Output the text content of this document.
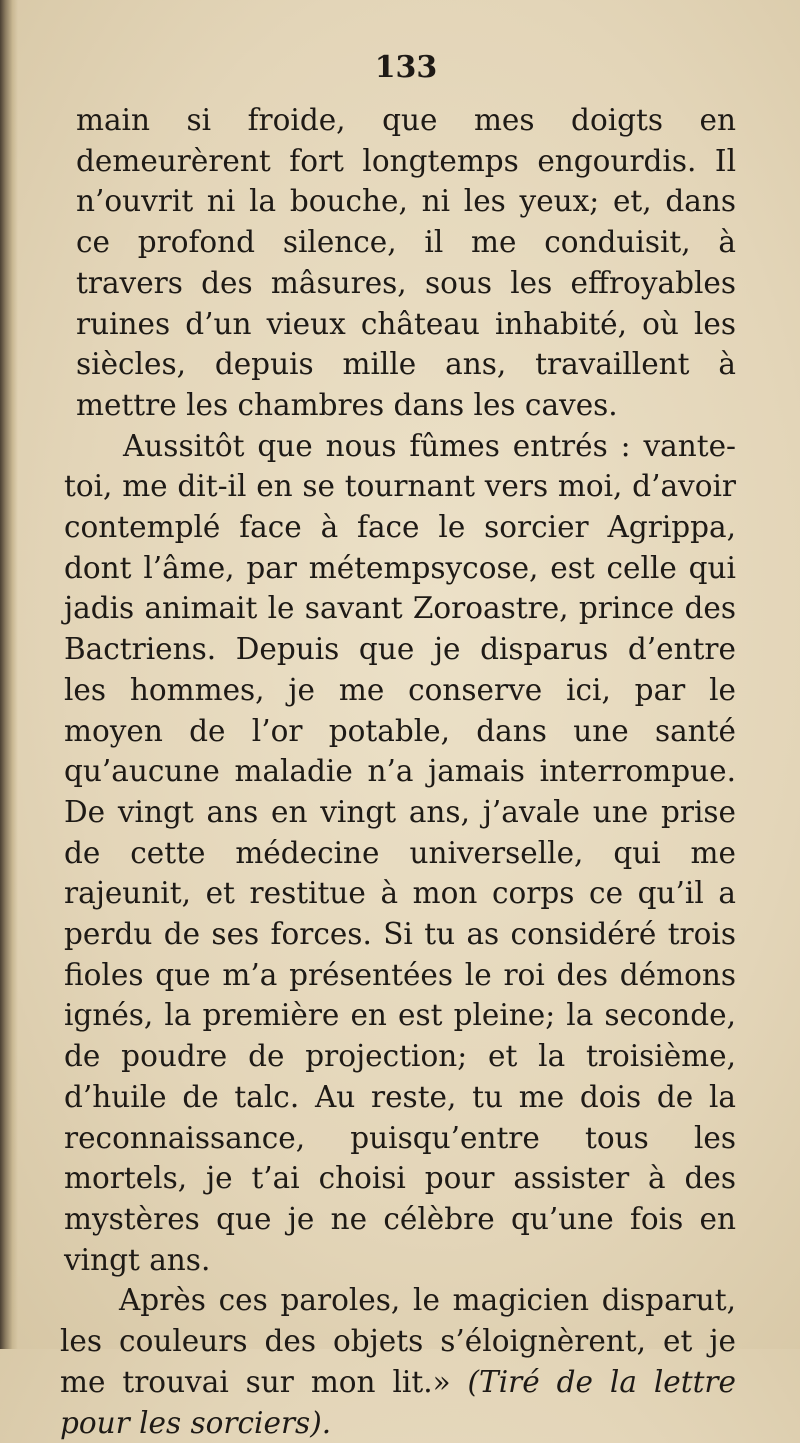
133

main si froide, que mes doigts en demeurèrent fort longtemps engourdis. Il n’ouvrit ni la bouche, ni les yeux; et, dans ce profond silence, il me conduisit, à travers des mâsures, sous les effroyables ruines d’un vieux château inhabité, où les siècles, depuis mille ans, travaillent à mettre les chambres dans les caves.

Aussitôt que nous fûmes entrés : vante-toi, me dit-il en se tournant vers moi, d’avoir contemplé face à face le sorcier Agrippa, dont l’âme, par métempsycose, est celle qui jadis animait le savant Zoroastre, prince des Bactriens. Depuis que je disparus d’entre les hommes, je me conserve ici, par le moyen de l’or potable, dans une santé qu’aucune maladie n’a jamais interrompue. De vingt ans en vingt ans, j’avale une prise de cette médecine universelle, qui me rajeunit, et restitue à mon corps ce qu’il a perdu de ses forces. Si tu as considéré trois fioles que m’a présentées le roi des démons ignés, la première en est pleine; la seconde, de poudre de projection; et la troisième, d’huile de talc. Au reste, tu me dois de la reconnaissance, puisqu’entre tous les mortels, je t’ai choisi pour assister à des mystères que je ne célèbre qu’une fois en vingt ans.

Après ces paroles, le magicien disparut, les couleurs des objets s’éloignèrent, et je me trouvai sur mon lit.» (Tiré de la lettre pour les sorciers).
